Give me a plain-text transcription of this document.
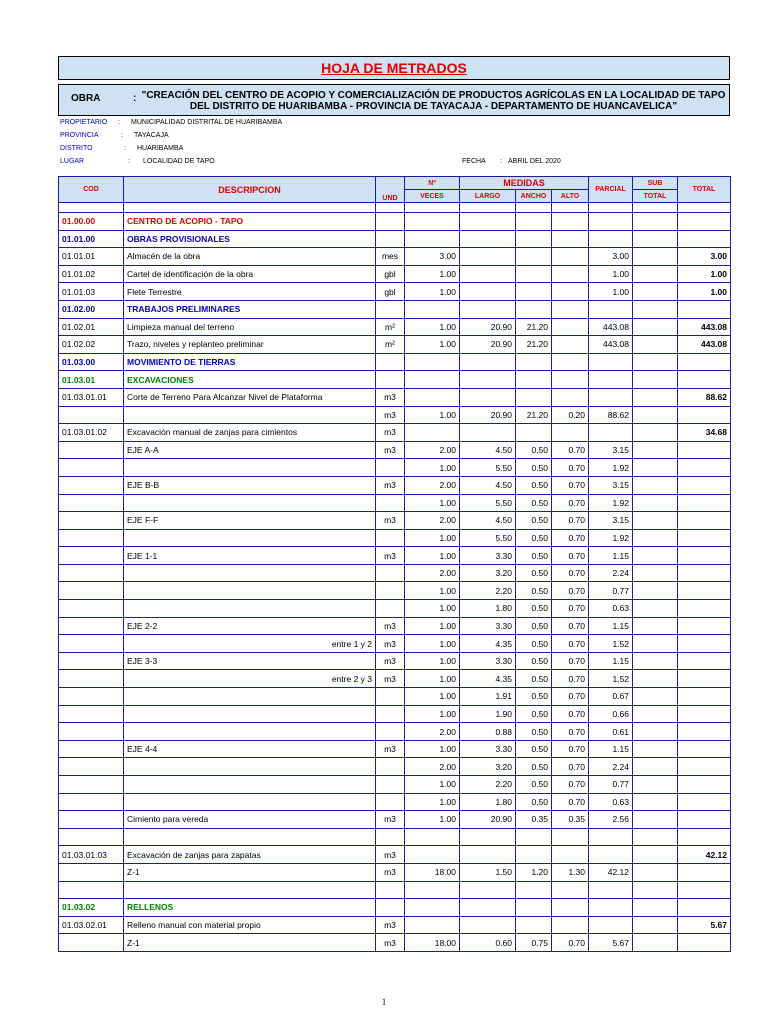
HOJA DE METRADOS
OBRA	: "CREACIÓN DEL CENTRO DE ACOPIO Y COMERCIALIZACIÓN DE PRODUCTOS AGRÍCOLAS EN LA LOCALIDAD DE TAPO
DEL DISTRITO DE HUARIBAMBA - PROVINCIA DE TAYACAJA - DEPARTAMENTO DE HUANCAVELICA"
PROPIETARIO : MUNICIPALIDAD DISTRITAL DE HUARIBAMBA
PROVINCIA	: TAYACAJA
DISTRITO	: HUARIBAMBA
LUGAR	: LOCALIDAD DE TAPO	FECHA : ABRIL DEL 2020
COD	DESCRIPCION	UND	Nº	MEDIDAS			PARCIAL	SUB	TOTAL
			VECES	LARGO	ANCHO	ALTO		TOTAL	

01.00.00	CENTRO DE ACOPIO - TAPO								
01.01.00	OBRAS PROVISIONALES								
01.01.01	Almacén de la obra	mes	3.00				3.00		3.00
01.01.02	Cartel de identificación de la obra	gbl	1.00				1.00		1.00
01.01.03	Flete Terrestre	gbl	1.00				1.00		1.00
01.02.00	TRABAJOS PRELIMINARES								
01.02.01	Limpieza manual del terreno	m²	1.00	20.90	21.20		443.08		443.08
01.02.02	Trazo, niveles y replanteo preliminar	m²	1.00	20.90	21.20		443.08		443.08
01.03.00	MOVIMIENTO DE TIERRAS								
01.03.01	EXCAVACIONES								
01.03.01.01	Corte de Terreno Para Alcanzar Nivel de Plataforma	m3							88.62
		m3	1.00	20.90	21.20	0.20	88.62		
01.03.01.02	Excavación manual de zanjas para cimientos	m3							34.68
	EJE A-A	m3	2.00	4.50	0.50	0.70	3.15		
			1.00	5.50	0.50	0.70	1.92		
	EJE B-B	m3	2.00	4.50	0.50	0.70	3.15		
			1.00	5.50	0.50	0.70	1.92		
	EJE F-F	m3	2.00	4.50	0.50	0.70	3.15		
			1.00	5.50	0.50	0.70	1.92		
	EJE 1-1	m3	1.00	3.30	0.50	0.70	1.15		
			2.00	3.20	0.50	0.70	2.24		
			1.00	2.20	0.50	0.70	0.77		
			1.00	1.80	0.50	0.70	0.63		
	EJE 2-2	m3	1.00	3.30	0.50	0.70	1.15		
	entre 1 y 2	m3	1.00	4.35	0.50	0.70	1.52		
	EJE 3-3	m3	1.00	3.30	0.50	0.70	1.15		
	entre 2 y 3	m3	1.00	4.35	0.50	0.70	1.52		
			1.00	1.91	0.50	0.70	0.67		
			1.00	1.90	0.50	0.70	0.66		
			2.00	0.88	0.50	0.70	0.61		
	EJE 4-4	m3	1.00	3.30	0.50	0.70	1.15		
			2.00	3.20	0.50	0.70	2.24		
			1.00	2.20	0.50	0.70	0.77		
			1.00	1.80	0.50	0.70	0.63		
	Cimiento para vereda	m3	1.00	20.90	0.35	0.35	2.56		

01.03.01.03	Excavación de zanjas para zapatas	m3							42.12
	Z-1	m3	18.00	1.50	1.20	1.30	42.12		

01.03.02	RELLENOS								
01.03.02.01	Relleno manual con material propio	m3							5.67
	Z-1	m3	18.00	0.60	0.75	0.70	5.67		
1
